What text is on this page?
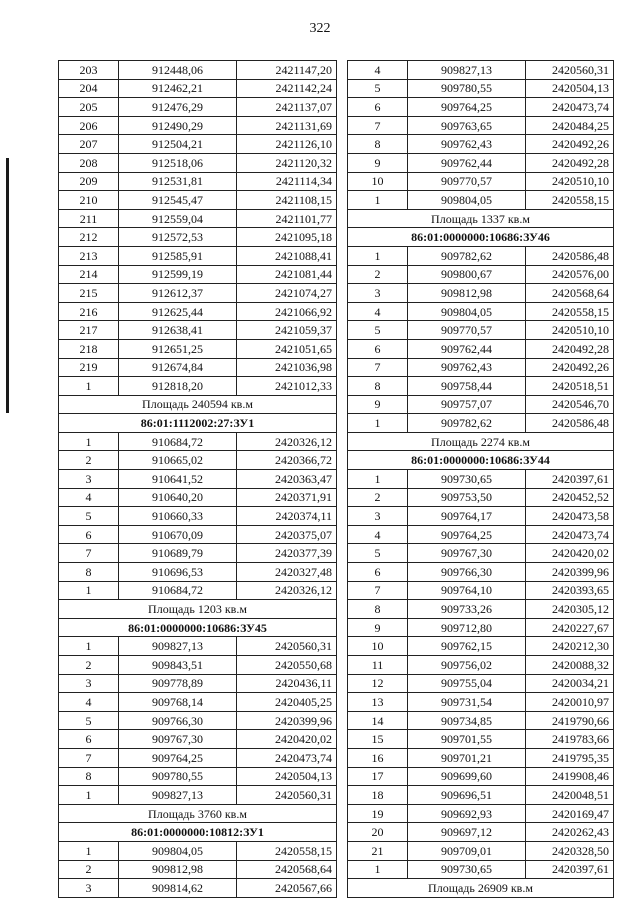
322
203	912448,06	2421147,20
204	912462,21	2421142,24
205	912476,29	2421137,07
206	912490,29	2421131,69
207	912504,21	2421126,10
208	912518,06	2421120,32
209	912531,81	2421114,34
210	912545,47	2421108,15
211	912559,04	2421101,77
212	912572,53	2421095,18
213	912585,91	2421088,41
214	912599,19	2421081,44
215	912612,37	2421074,27
216	912625,44	2421066,92
217	912638,41	2421059,37
218	912651,25	2421051,65
219	912674,84	2421036,98
1	912818,20	2421012,33
Площадь 240594 кв.м		
86:01:1112002:27:ЗУ1		
1	910684,72	2420326,12
2	910665,02	2420366,72
3	910641,52	2420363,47
4	910640,20	2420371,91
5	910660,33	2420374,11
6	910670,09	2420375,07
7	910689,79	2420377,39
8	910696,53	2420327,48
1	910684,72	2420326,12
Площадь 1203 кв.м		
86:01:0000000:10686:ЗУ45		
1	909827,13	2420560,31
2	909843,51	2420550,68
3	909778,89	2420436,11
4	909768,14	2420405,25
5	909766,30	2420399,96
6	909767,30	2420420,02
7	909764,25	2420473,74
8	909780,55	2420504,13
1	909827,13	2420560,31
Площадь 3760 кв.м		
86:01:0000000:10812:ЗУ1		
1	909804,05	2420558,15
2	909812,98	2420568,64
3	909814,62	2420567,66
4	909827,13	2420560,31
5	909780,55	2420504,13
6	909764,25	2420473,74
7	909763,65	2420484,25
8	909762,43	2420492,26
9	909762,44	2420492,28
10	909770,57	2420510,10
1	909804,05	2420558,15
Площадь 1337 кв.м		
86:01:0000000:10686:ЗУ46		
1	909782,62	2420586,48
2	909800,67	2420576,00
3	909812,98	2420568,64
4	909804,05	2420558,15
5	909770,57	2420510,10
6	909762,44	2420492,28
7	909762,43	2420492,26
8	909758,44	2420518,51
9	909757,07	2420546,70
1	909782,62	2420586,48
Площадь 2274 кв.м		
86:01:0000000:10686:ЗУ44		
1	909730,65	2420397,61
2	909753,50	2420452,52
3	909764,17	2420473,58
4	909764,25	2420473,74
5	909767,30	2420420,02
6	909766,30	2420399,96
7	909764,10	2420393,65
8	909733,26	2420305,12
9	909712,80	2420227,67
10	909762,15	2420212,30
11	909756,02	2420088,32
12	909755,04	2420034,21
13	909731,54	2420010,97
14	909734,85	2419790,66
15	909701,55	2419783,66
16	909701,21	2419795,35
17	909699,60	2419908,46
18	909696,51	2420048,51
19	909692,93	2420169,47
20	909697,12	2420262,43
21	909709,01	2420328,50
1	909730,65	2420397,61
Площадь 26909 кв.м		
